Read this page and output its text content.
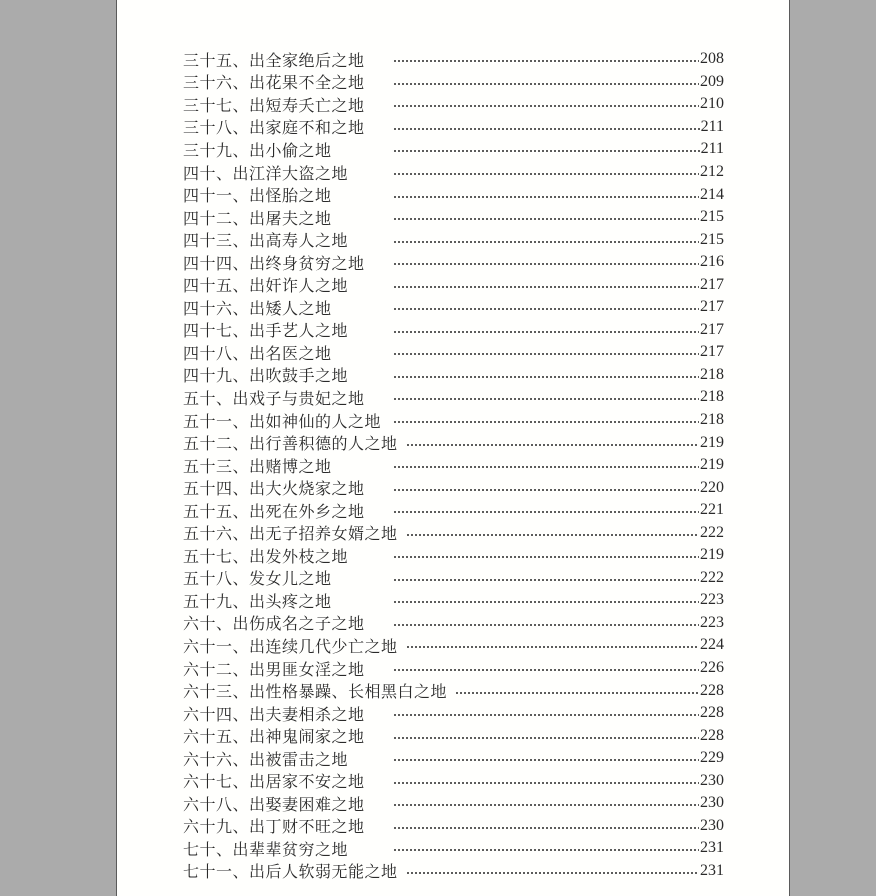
三十五、出全家绝后之地	208
三十六、出花果不全之地	209
三十七、出短寿夭亡之地	210
三十八、出家庭不和之地	211
三十九、出小偷之地	211
四十、出江洋大盗之地	212
四十一、出怪胎之地	214
四十二、出屠夫之地	215
四十三、出高寿人之地	215
四十四、出终身贫穷之地	216
四十五、出奸诈人之地	217
四十六、出矮人之地	217
四十七、出手艺人之地	217
四十八、出名医之地	217
四十九、出吹鼓手之地	218
五十、出戏子与贵妃之地	218
五十一、出如神仙的人之地	218
五十二、出行善积德的人之地	219
五十三、出赌博之地	219
五十四、出大火烧家之地	220
五十五、出死在外乡之地	221
五十六、出无子招养女婿之地	222
五十七、出发外枝之地	219
五十八、发女儿之地	222
五十九、出头疼之地	223
六十、出伤成名之子之地	223
六十一、出连续几代少亡之地	224
六十二、出男匪女淫之地	226
六十三、出性格暴躁、长相黑白之地	228
六十四、出夫妻相杀之地	228
六十五、出神鬼闹家之地	228
六十六、出被雷击之地	229
六十七、出居家不安之地	230
六十八、出娶妻困难之地	230
六十九、出丁财不旺之地	230
七十、出辈辈贫穷之地	231
七十一、出后人软弱无能之地	231
